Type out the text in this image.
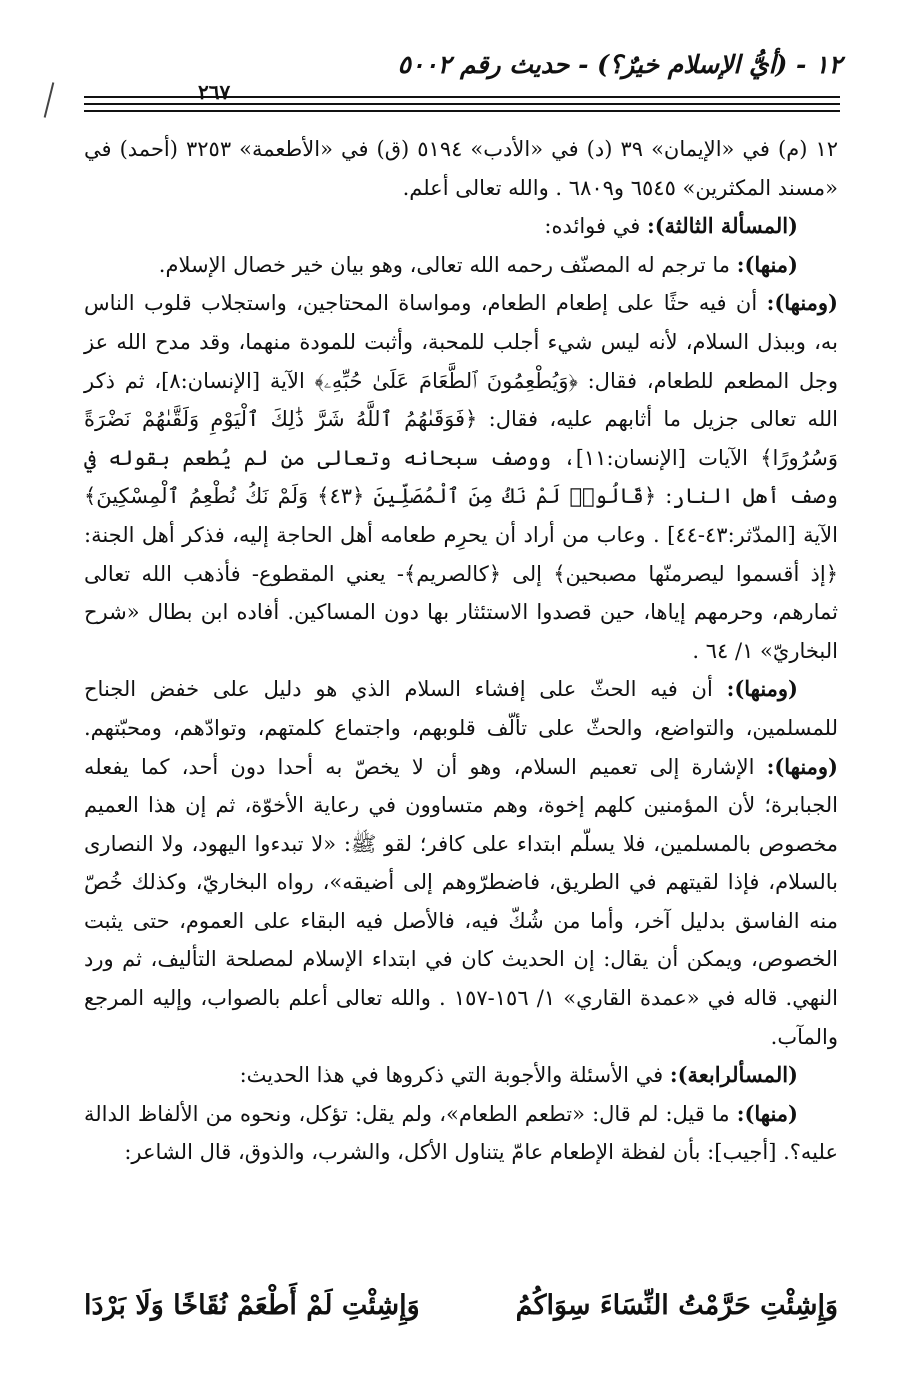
١٢ - (أيُّ الإسلام خيرٌ؟) - حديث رقم ٥٠٠٢
٢٦٧

١٢ (م) في «الإيمان» ٣٩ (د) في «الأدب» ٥١٩٤ (ق) في «الأطعمة» ٣٢٥٣ (أحمد) في «مسند المكثرين» ٦٥٤٥ و٦٨٠٩ . والله تعالى أعلم.

(المسألة الثالثة): في فوائده:

(منها): ما ترجم له المصنّف رحمه الله تعالى، وهو بيان خير خصال الإسلام.

(ومنها): أن فيه حثًا على إطعام الطعام، ومواساة المحتاجين، واستجلاب قلوب الناس به، وببذل السلام، لأنه ليس شيء أجلب للمحبة، وأثبت للمودة منهما، وقد مدح الله عز وجل المطعم للطعام، فقال: ﴿وَيُطْعِمُونَ ٱلطَّعَامَ عَلَىٰ حُبِّهِۦ﴾ الآية [الإنسان:٨]، ثم ذكر الله تعالى جزيل ما أثابهم عليه، فقال: ﴿فَوَقَىٰهُمُ ٱللَّهُ شَرَّ ذَٰلِكَ ٱلْيَوْمِ وَلَقَّىٰهُمْ نَضْرَةً وَسُرُورًا﴾ الآيات [الإنسان:١١]، ووصف سبحانه وتعالى من لم يُطعم بقوله في وصف أهل النار: ﴿قَالُوا۟ لَمْ نَكُ مِنَ ٱلْمُصَلِّينَ ﴿٤٣﴾ وَلَمْ نَكُ نُطْعِمُ ٱلْمِسْكِينَ﴾ الآية [المدّثر:٤٣-٤٤] . وعاب من أراد أن يحرِم طعامه أهل الحاجة إليه، فذكر أهل الجنة: ﴿إذ أقسموا ليصرمنّها مصبحين﴾ إلى ﴿كالصريم﴾- يعني المقطوع- فأذهب الله تعالى ثمارهم، وحرمهم إياها، حين قصدوا الاستئثار بها دون المساكين. أفاده ابن بطال «شرح البخاريّ» ١/ ٦٤ .

(ومنها): أن فيه الحثّ على إفشاء السلام الذي هو دليل على خفض الجناح للمسلمين، والتواضع، والحثّ على تألّف قلوبهم، واجتماع كلمتهم، وتوادّهم، ومحبّتهم. (ومنها): الإشارة إلى تعميم السلام، وهو أن لا يخصّ به أحدا دون أحد، كما يفعله الجبابرة؛ لأن المؤمنين كلهم إخوة، وهم متساوون في رعاية الأخوّة، ثم إن هذا العميم مخصوص بالمسلمين، فلا يسلّم ابتداء على كافر؛ لقو ﷺ: «لا تبدءوا اليهود، ولا النصارى بالسلام، فإذا لقيتهم في الطريق، فاضطرّوهم إلى أضيقه»، رواه البخاريّ، وكذلك خُصّ منه الفاسق بدليل آخر، وأما من شُكّ فيه، فالأصل فيه البقاء على العموم، حتى يثبت الخصوص، ويمكن أن يقال: إن الحديث كان في ابتداء الإسلام لمصلحة التأليف، ثم ورد النهي. قاله في «عمدة القاري» ١/ ١٥٦-١٥٧ . والله تعالى أعلم بالصواب، وإليه المرجع والمآب.

(المسألرابعة): في الأسئلة والأجوبة التي ذكروها في هذا الحديث:

(منها): ما قيل: لم قال: «تطعم الطعام»، ولم يقل: تؤكل، ونحوه من الألفاظ الدالة عليه؟. [أجيب]: بأن لفظة الإطعام عامّ يتناول الأكل، والشرب، والذوق، قال الشاعر:

وَإِشِئْتِ حَرَّمْتُ النِّسَاءَ سِوَاكُمُ
وَإِشِئْتِ لَمْ أَطْعَمْ نُقَاخًا وَلَا بَرْدَا
